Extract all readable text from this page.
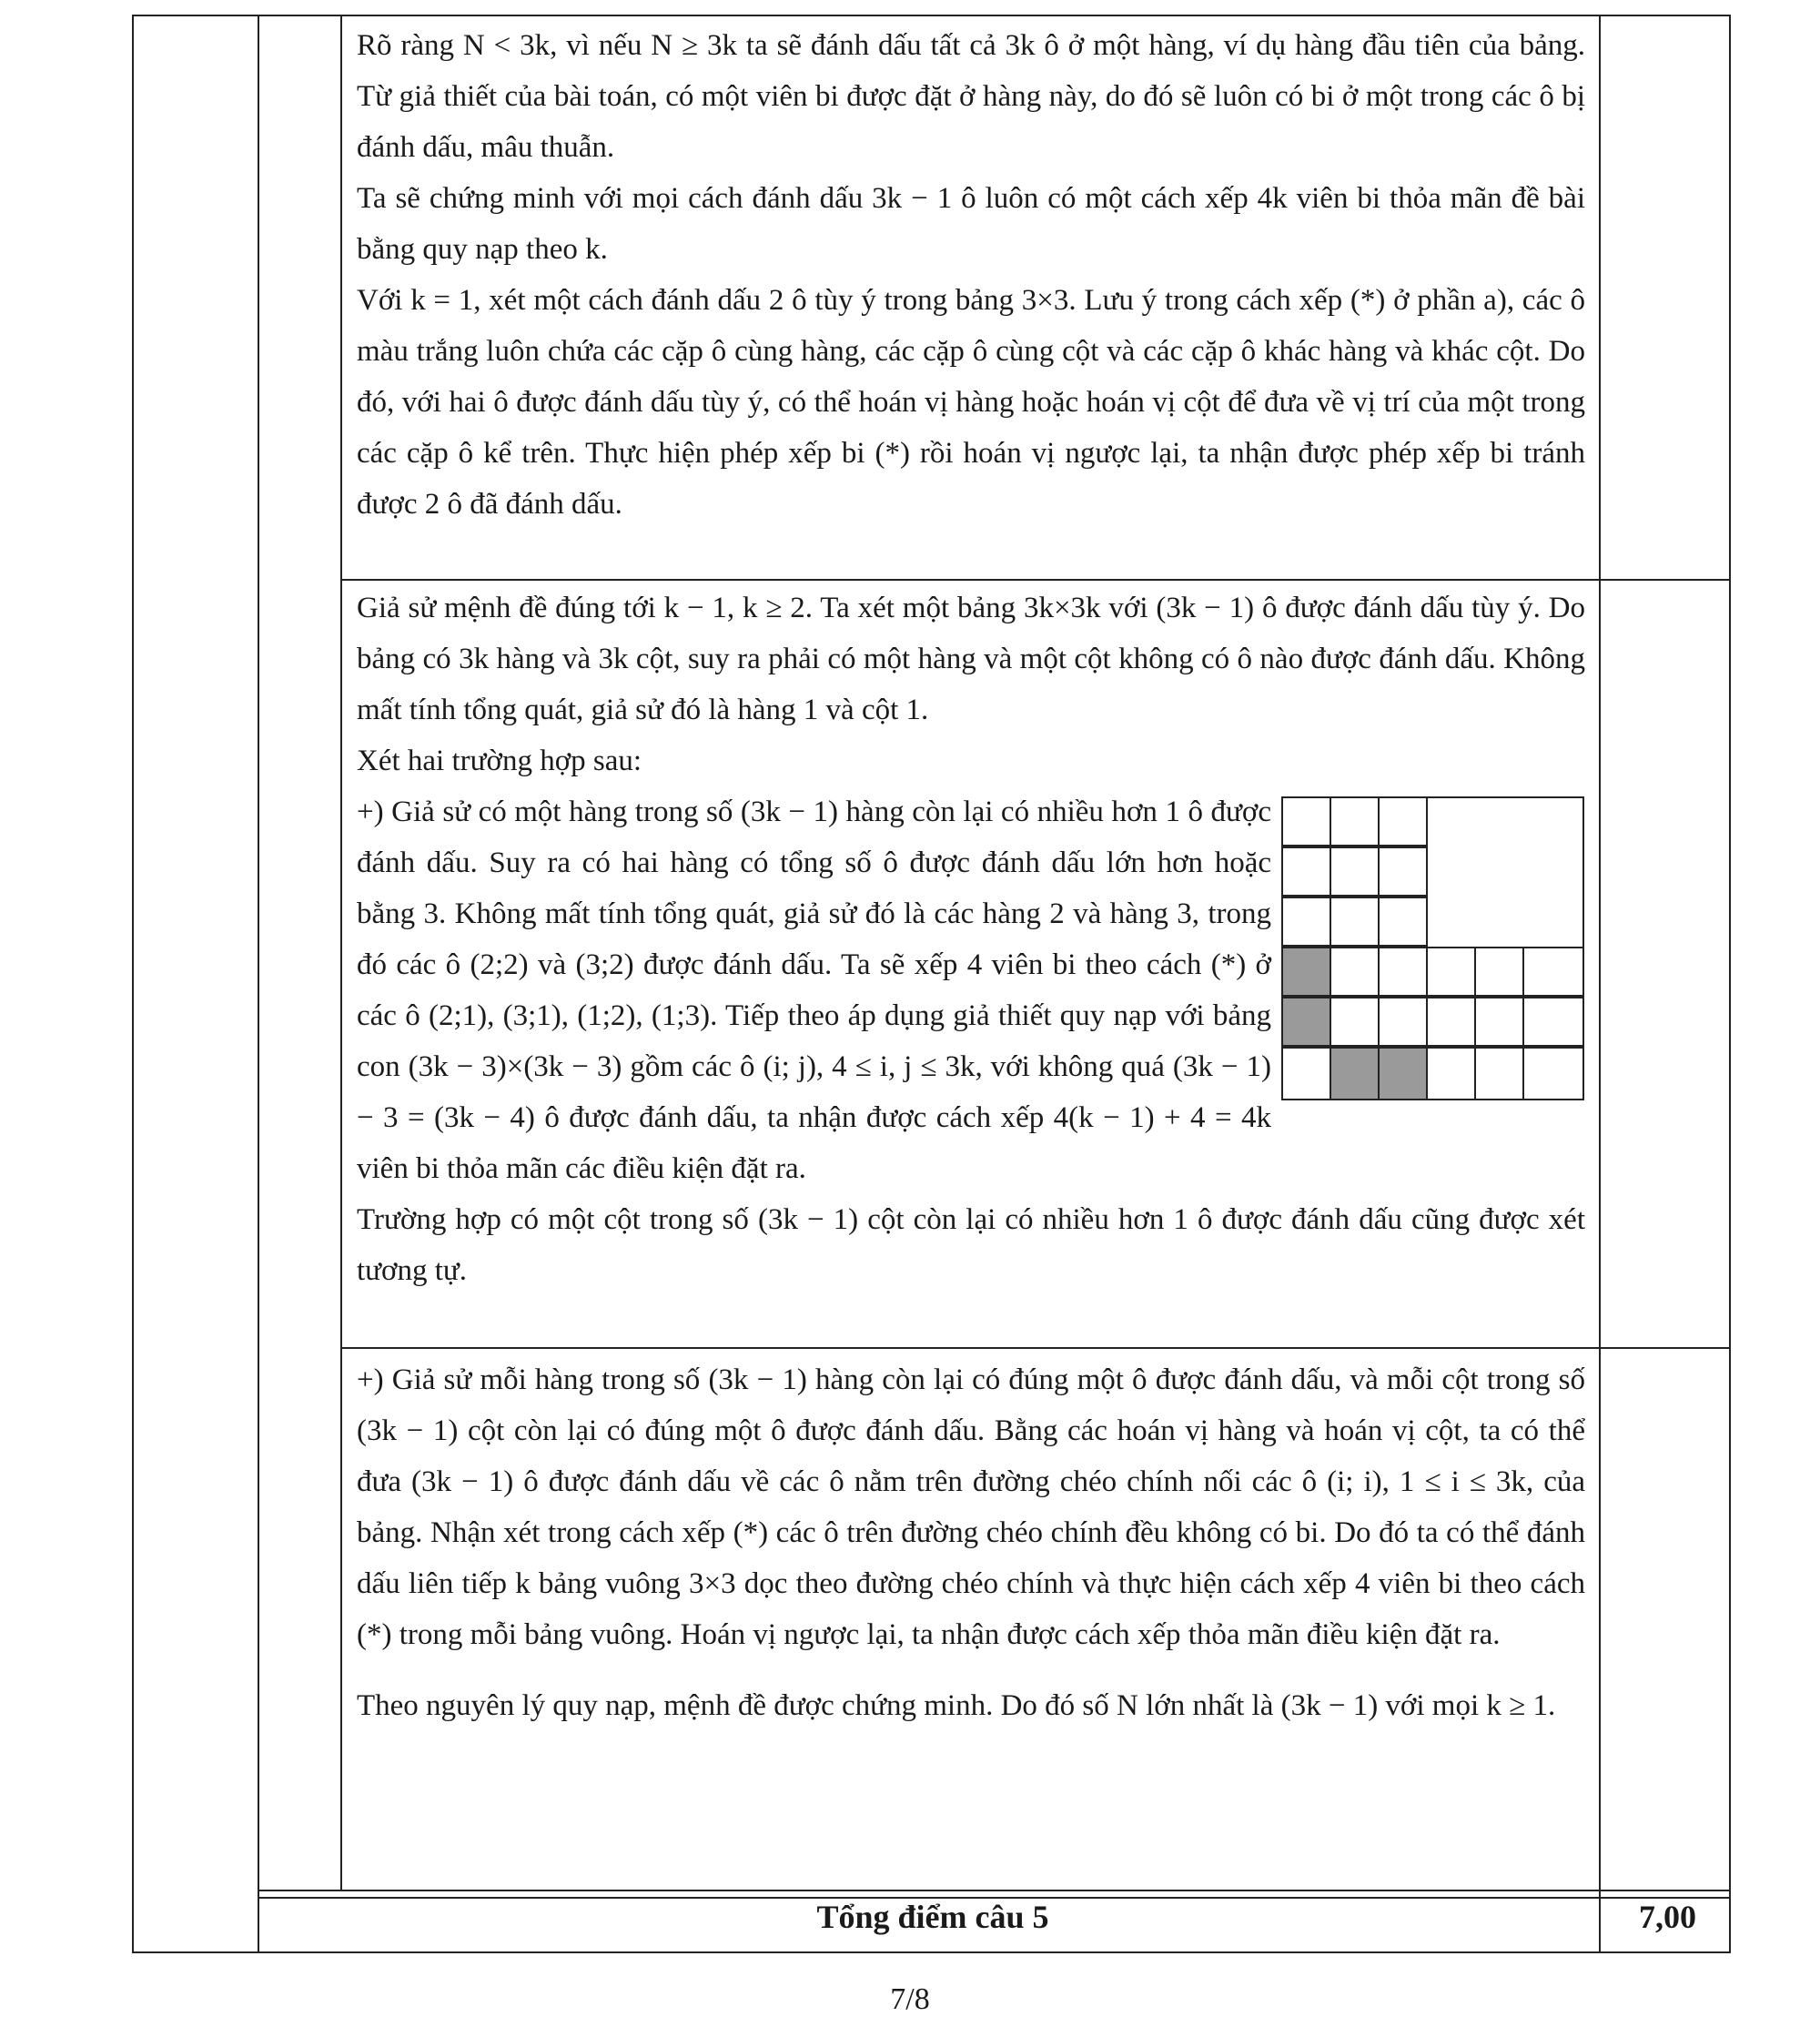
Rõ ràng N < 3k, vì nếu N ≥ 3k ta sẽ đánh dấu tất cả 3k ô ở một hàng, ví dụ hàng đầu tiên của bảng. Từ giả thiết của bài toán, có một viên bi được đặt ở hàng này, do đó sẽ luôn có bi ở một trong các ô bị đánh dấu, mâu thuẫn.

Ta sẽ chứng minh với mọi cách đánh dấu 3k − 1 ô luôn có một cách xếp 4k viên bi thỏa mãn đề bài bằng quy nạp theo k.

Với k = 1, xét một cách đánh dấu 2 ô tùy ý trong bảng 3×3. Lưu ý trong cách xếp (*) ở phần a), các ô màu trắng luôn chứa các cặp ô cùng hàng, các cặp ô cùng cột và các cặp ô khác hàng và khác cột. Do đó, với hai ô được đánh dấu tùy ý, có thể hoán vị hàng hoặc hoán vị cột để đưa về vị trí của một trong các cặp ô kể trên. Thực hiện phép xếp bi (*) rồi hoán vị ngược lại, ta nhận được phép xếp bi tránh được 2 ô đã đánh dấu.

Giả sử mệnh đề đúng tới k − 1, k ≥ 2. Ta xét một bảng 3k×3k với (3k − 1) ô được đánh dấu tùy ý. Do bảng có 3k hàng và 3k cột, suy ra phải có một hàng và một cột không có ô nào được đánh dấu. Không mất tính tổng quát, giả sử đó là hàng 1 và cột 1.

Xét hai trường hợp sau:

+) Giả sử có một hàng trong số (3k − 1) hàng còn lại có nhiều hơn 1 ô được đánh dấu. Suy ra có hai hàng có tổng số ô được đánh dấu lớn hơn hoặc bằng 3. Không mất tính tổng quát, giả sử đó là các hàng 2 và hàng 3, trong đó các ô (2;2) và (3;2) được đánh dấu. Ta sẽ xếp 4 viên bi theo cách (*) ở các ô (2;1), (3;1), (1;2), (1;3). Tiếp theo áp dụng giả thiết quy nạp với bảng con (3k − 3)×(3k − 3) gồm các ô (i; j), 4 ≤ i, j ≤ 3k, với không quá (3k − 1) − 3 = (3k − 4) ô được đánh dấu, ta nhận được cách xếp 4(k − 1) + 4 = 4k viên bi thỏa mãn các điều kiện đặt ra.

Trường hợp có một cột trong số (3k − 1) cột còn lại có nhiều hơn 1 ô được đánh dấu cũng được xét tương tự.

+) Giả sử mỗi hàng trong số (3k − 1) hàng còn lại có đúng một ô được đánh dấu, và mỗi cột trong số (3k − 1) cột còn lại có đúng một ô được đánh dấu. Bằng các hoán vị hàng và hoán vị cột, ta có thể đưa (3k − 1) ô được đánh dấu về các ô nằm trên đường chéo chính nối các ô (i; i), 1 ≤ i ≤ 3k, của bảng. Nhận xét trong cách xếp (*) các ô trên đường chéo chính đều không có bi. Do đó ta có thể đánh dấu liên tiếp k bảng vuông 3×3 dọc theo đường chéo chính và thực hiện cách xếp 4 viên bi theo cách (*) trong mỗi bảng vuông. Hoán vị ngược lại, ta nhận được cách xếp thỏa mãn điều kiện đặt ra.

Theo nguyên lý quy nạp, mệnh đề được chứng minh. Do đó số N lớn nhất là (3k − 1) với mọi k ≥ 1.

Tổng điểm câu 5	7,00
7/8
